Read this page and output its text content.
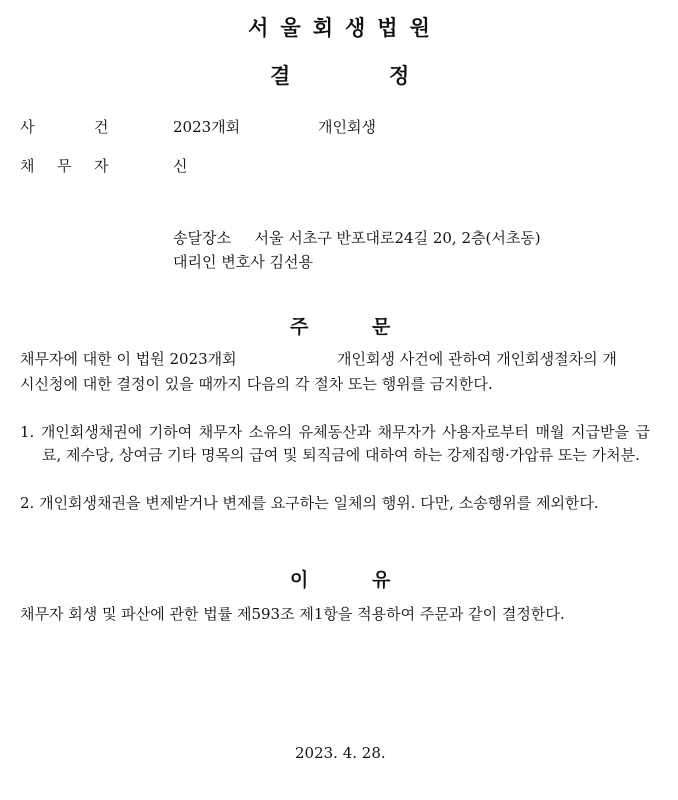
서울회생법원
결	정
사	건	2023개회	개인회생
채 무 자	신
송달장소 서울 서초구 반포대로24길 20, 2층(서초동)
대리인 변호사 김선용
주	문
채무자에 대한 이 법원 2023개회	개인회생 사건에 관하여 개인회생절차의 개
시신청에 대한 결정이 있을 때까지 다음의 각 절차 또는 행위를 금지한다.
1. 개인회생채권에 기하여 채무자 소유의 유체동산과 채무자가 사용자로부터 매월 지급받을 급료, 제수당, 상여금 기타 명목의 급여 및 퇴직금에 대하여 하는 강제집행·가압류 또는 가처분.
2. 개인회생채권을 변제받거나 변제를 요구하는 일체의 행위. 다만, 소송행위를 제외한다.
이	유
채무자 회생 및 파산에 관한 법률 제593조 제1항을 적용하여 주문과 같이 결정한다.
2023. 4. 28.
